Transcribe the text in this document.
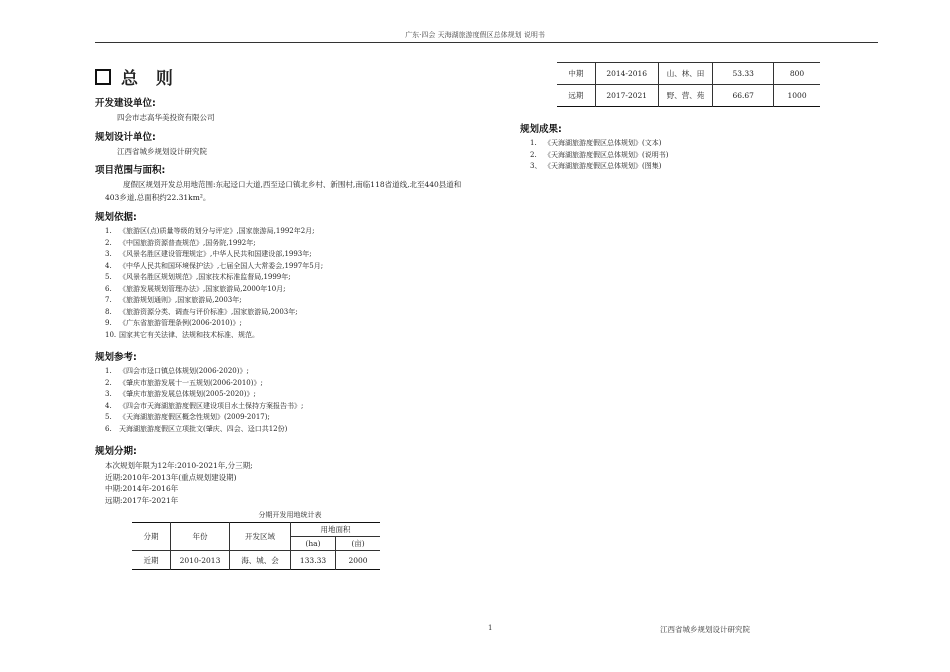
广东·四会 天海湖旅游度假区总体规划 说明书
总 则
开发建设单位:
四会市志高华美投资有限公司
规划设计单位:
江西省城乡规划设计研究院
项目范围与面积:
度假区规划开发总用地范围:东起迳口大道,西至迳口镇北乡村、新围村,南临118省道线,北至440县道和403乡道,总面积约22.31km²。
规划依据:
1.	《旅游区(点)质量等级的划分与评定》,国家旅游局,1992年2月;
2.	《中国旅游资源普查规范》,国务院,1992年;
3.	《风景名胜区建设管理规定》,中华人民共和国建设部,1993年;
4.	《中华人民共和国环境保护法》,七届全国人大常委会,1997年5月;
5.	《风景名胜区规划规范》,国家技术标准监督局,1999年;
6.	《旅游发展规划管理办法》,国家旅游局,2000年10月;
7.	《旅游规划通则》,国家旅游局,2003年;
8.	《旅游资源分类、调查与评价标准》,国家旅游局,2003年;
9.	《广东省旅游管理条例(2006-2010)》;
10. 国家其它有关法律、法规和技术标准、规范。
规划参考:
1.	《四会市迳口镇总体规划(2006-2020)》;
2.	《肇庆市旅游发展十一五规划(2006-2010)》;
3.	《肇庆市旅游发展总体规划(2005-2020)》;
4.	《四会市天海湖旅游度假区建设项目水土保持方案报告书》;
5.	《天海湖旅游度假区概念性规划》(2009-2017);
6.	天海湖旅游度假区立项批文(肇庆、四会、迳口共12份)
规划分期:
本次规划年限为12年:2010-2021年,分三期;
近期:2010年-2013年(重点规划建设期)
中期:2014年-2016年
远期:2017年-2021年
分期开发用地统计表
分期	年份	开发区域	用地面积	
			(ha)	(亩)
近期	2010-2013	海、城、会	133.33	2000
中期	2014-2016	山、林、田	53.33	800
远期	2017-2021	野、营、苑	66.67	1000
规划成果:
1.	《天海湖旅游度假区总体规划》(文本)
2.	《天海湖旅游度假区总体规划》(说明书)
3、 《天海湖旅游度假区总体规划》(图集)
1	江西省城乡规划设计研究院
